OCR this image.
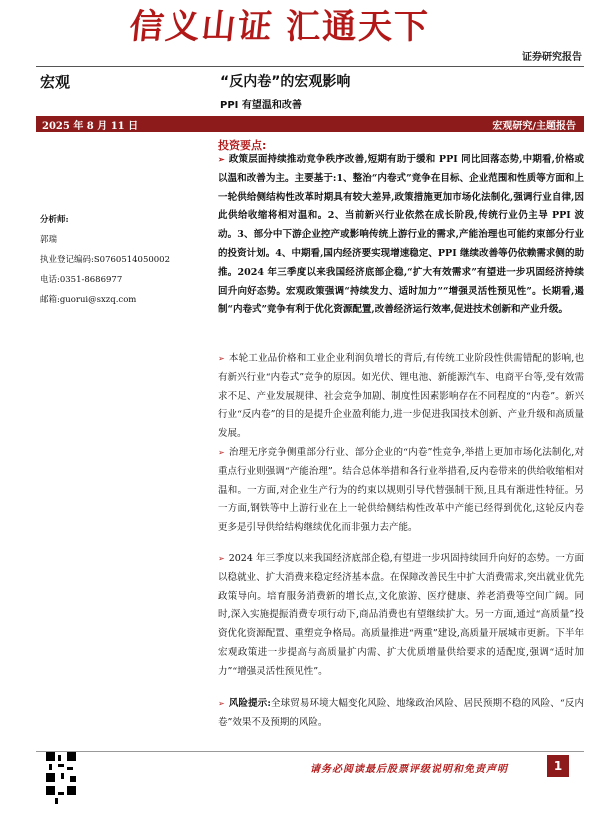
信义山证 汇通天下
证券研究报告
宏观	“反内卷”的宏观影响
PPI 有望温和改善
2025 年 8 月 11 日	宏观研究/主题报告
分析师:
郭瑞
执业登记编码:S0760514050002
电话:0351-8686977
邮箱:guorui@sxzq.com
投资要点:
➢ 政策层面持续推动竞争秩序改善,短期有助于缓和 PPI 同比回落态势,中期看,价格或以温和改善为主。主要基于:1、整治“内卷式”竞争在目标、企业范围和性质等方面和上一轮供给侧结构性改革时期具有较大差异,政策措施更加市场化法制化,强调行业自律,因此供给收缩将相对温和。2、当前新兴行业依然在成长阶段,传统行业仍主导 PPI 波动。3、部分中下游企业控产或影响传统上游行业的需求,产能治理也可能约束部分行业的投资计划。4、中期看,国内经济要实现增速稳定、PPI 继续改善等仍依赖需求侧的助推。2024 年三季度以来我国经济底部企稳,“扩大有效需求”有望进一步巩固经济持续回升向好态势。宏观政策强调“持续发力、适时加力”“增强灵活性预见性”。长期看,遏制“内卷式”竞争有利于优化资源配置,改善经济运行效率,促进技术创新和产业升级。
➢ 本轮工业品价格和工业企业利润负增长的背后,有传统工业阶段性供需错配的影响,也有新兴行业“内卷式”竞争的原因。如光伏、锂电池、新能源汽车、电商平台等,受有效需求不足、产业发展规律、社会竞争加剧、制度性因素影响存在不同程度的“内卷”。新兴行业“反内卷”的目的是提升企业盈利能力,进一步促进我国技术创新、产业升级和高质量发展。
➢ 治理无序竞争侧重部分行业、部分企业的“内卷”性竞争,举措上更加市场化法制化,对重点行业则强调“产能治理”。结合总体举措和各行业举措看,反内卷带来的供给收缩相对温和。一方面,对企业生产行为的约束以规则引导代替强制干预,且具有渐进性特征。另一方面,钢铁等中上游行业在上一轮供给侧结构性改革中产能已经得到优化,这轮反内卷更多是引导供给结构继续优化而非强力去产能。
➢ 2024 年三季度以来我国经济底部企稳,有望进一步巩固持续回升向好的态势。一方面以稳就业、扩大消费来稳定经济基本盘。在保障改善民生中扩大消费需求,突出就业优先政策导向。培育服务消费新的增长点,文化旅游、医疗健康、养老消费等空间广阔。同时,深入实施提振消费专项行动下,商品消费也有望继续扩大。另一方面,通过“高质量”投资优化资源配置、重塑竞争格局。高质量推进“两重”建设,高质量开展城市更新。下半年宏观政策进一步提高与高质量扩内需、扩大优质增量供给要求的适配度,强调“适时加力”“增强灵活性预见性”。
➢ 风险提示:全球贸易环境大幅变化风险、地缘政治风险、居民预期不稳的风险、“反内卷”效果不及预期的风险。
请务必阅读最后股票评级说明和免责声明	1
